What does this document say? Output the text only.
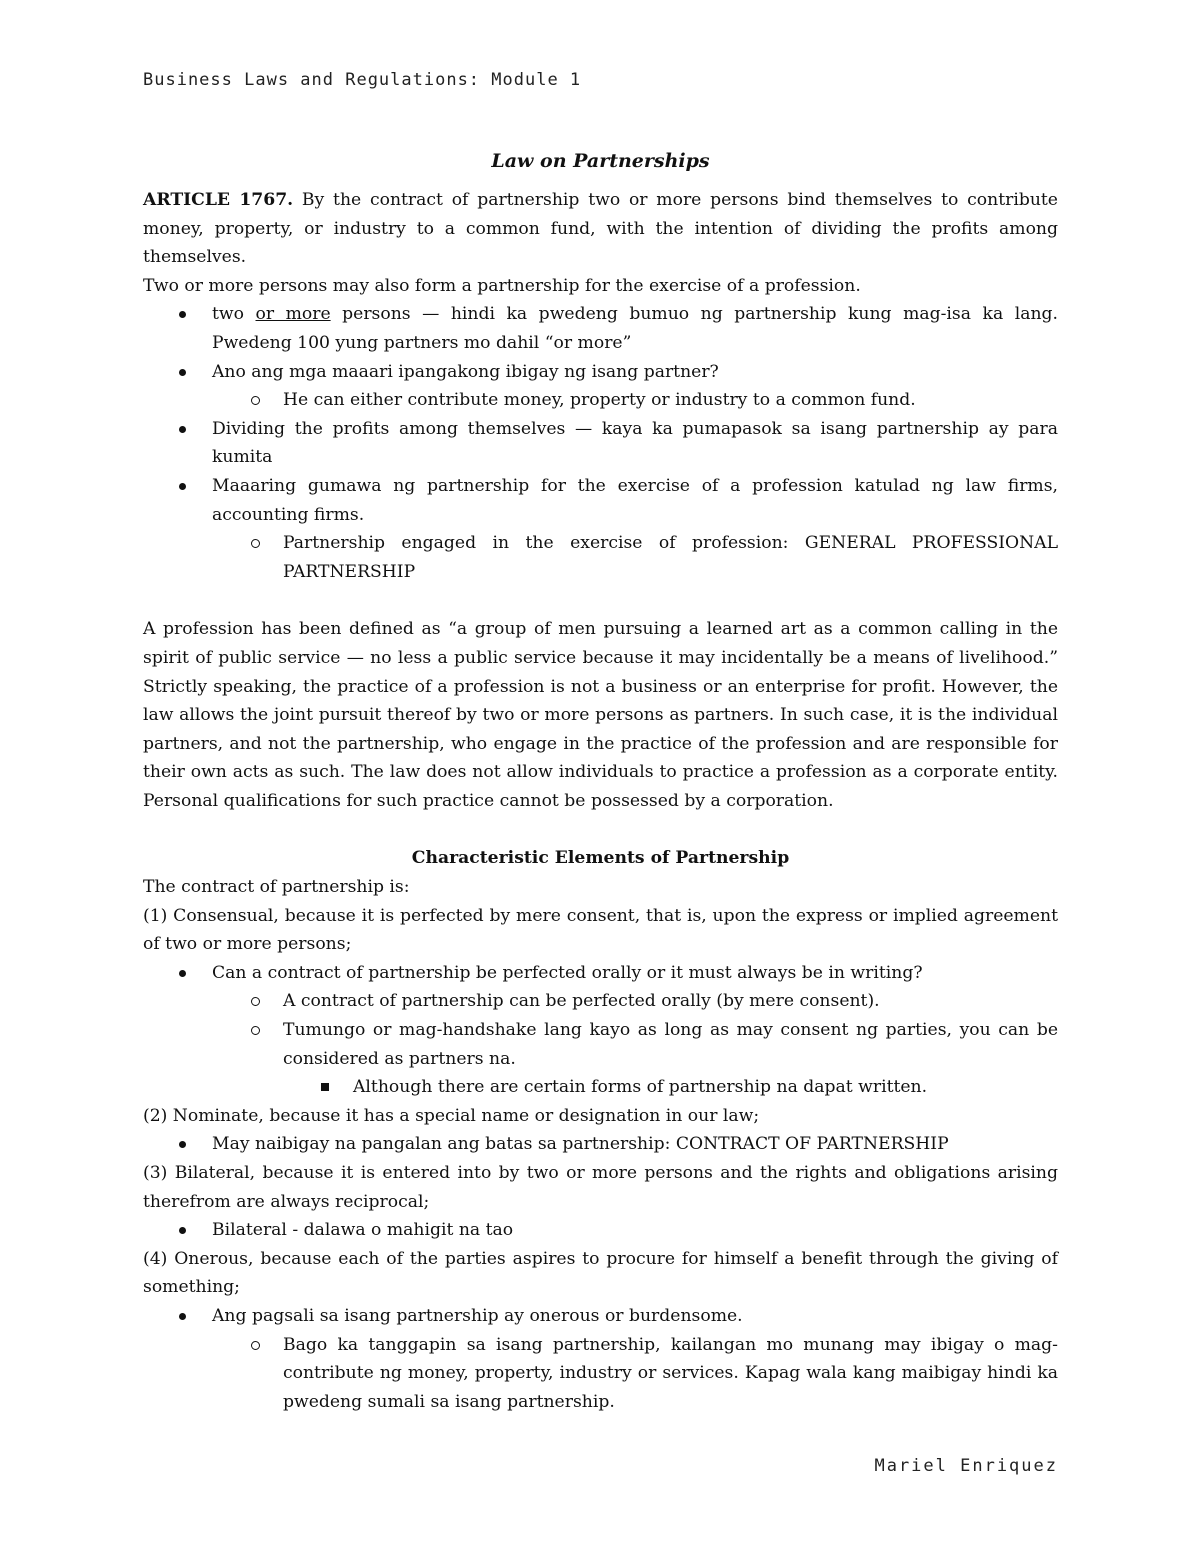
Business Laws and Regulations: Module 1
Law on Partnerships

ARTICLE 1767. By the contract of partnership two or more persons bind themselves to contribute money, property, or industry to a common fund, with the intention of dividing the profits among themselves.

Two or more persons may also form a partnership for the exercise of a profession.

two or more persons — hindi ka pwedeng bumuo ng partnership kung mag-isa ka lang. Pwedeng 100 yung partners mo dahil “or more”
Ano ang mga maaari ipangakong ibigay ng isang partner?
He can either contribute money, property or industry to a common fund.
Dividing the profits among themselves — kaya ka pumapasok sa isang partnership ay para kumita
Maaaring gumawa ng partnership for the exercise of a profession katulad ng law firms, accounting firms.
Partnership engaged in the exercise of profession: GENERAL PROFESSIONAL PARTNERSHIP

A profession has been defined as “a group of men pursuing a learned art as a common calling in the spirit of public service — no less a public service because it may incidentally be a means of livelihood.” Strictly speaking, the practice of a profession is not a business or an enterprise for profit. However, the law allows the joint pursuit thereof by two or more persons as partners. In such case, it is the individual partners, and not the partnership, who engage in the practice of the profession and are responsible for their own acts as such. The law does not allow individuals to practice a profession as a corporate entity. Personal qualifications for such practice cannot be possessed by a corporation.

Characteristic Elements of Partnership

The contract of partnership is:

(1) Consensual, because it is perfected by mere consent, that is, upon the express or implied agreement of two or more persons;

Can a contract of partnership be perfected orally or it must always be in writing?
A contract of partnership can be perfected orally (by mere consent).
Tumungo or mag-handshake lang kayo as long as may consent ng parties, you can be considered as partners na.
Although there are certain forms of partnership na dapat written.

(2) Nominate, because it has a special name or designation in our law;

May naibigay na pangalan ang batas sa partnership: CONTRACT OF PARTNERSHIP

(3) Bilateral, because it is entered into by two or more persons and the rights and obligations arising therefrom are always reciprocal;

Bilateral - dalawa o mahigit na tao

(4) Onerous, because each of the parties aspires to procure for himself a benefit through the giving of something;

Ang pagsali sa isang partnership ay onerous or burdensome.
Bago ka tanggapin sa isang partnership, kailangan mo munang may ibigay o mag-contribute ng money, property, industry or services. Kapag wala kang maibigay hindi ka pwedeng sumali sa isang partnership.
Mariel Enriquez
